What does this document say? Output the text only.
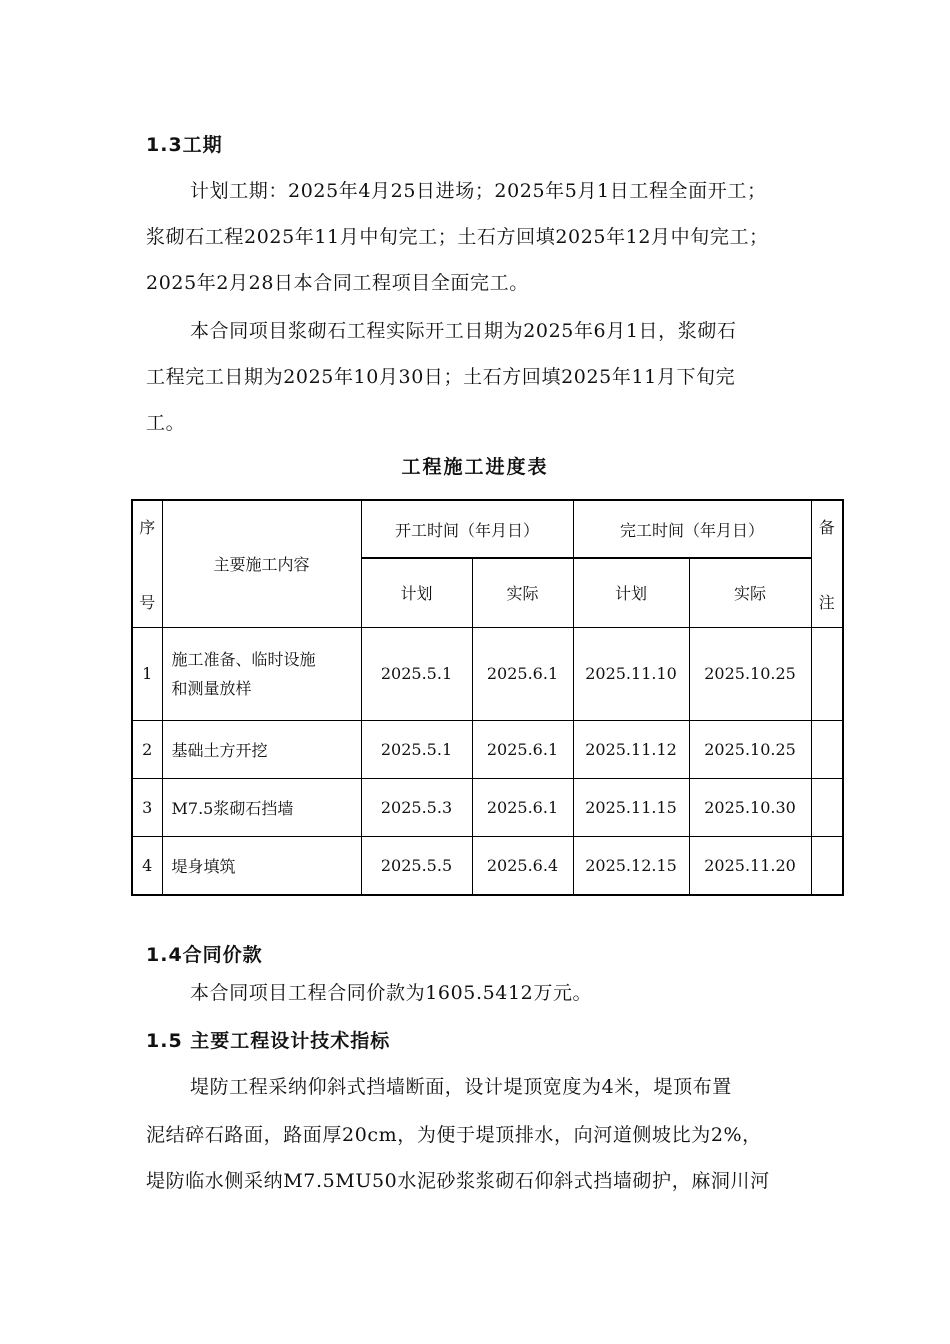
1.3工期
计划工期：2025年4月25日进场；2025年5月1日工程全面开工；
浆砌石工程2025年11月中旬完工；土石方回填2025年12月中旬完工；
2025年2月28日本合同工程项目全面完工。
本合同项目浆砌石工程实际开工日期为2025年6月1日，浆砌石
工程完工日期为2025年10月30日；土石方回填2025年11月下旬完
工。
工程施工进度表
序
号	主要施工内容	开工时间（年月日）		完工时间（年月日）		备
注

		计划	实际	计划	实际	
1	施工准备、临时设施
和测量放样	2025.5.1	2025.6.1	2025.11.10	2025.10.25	
2	基础土方开挖	2025.5.1	2025.6.1	2025.11.12	2025.10.25	
3	M7.5浆砌石挡墙	2025.5.3	2025.6.1	2025.11.15	2025.10.30	
4	堤身填筑	2025.5.5	2025.6.4	2025.12.15	2025.11.20	
1.4合同价款
本合同项目工程合同价款为1605.5412万元。
1.5 主要工程设计技术指标
堤防工程采纳仰斜式挡墙断面，设计堤顶宽度为4米，堤顶布置
泥结碎石路面，路面厚20cm，为便于堤顶排水，向河道侧坡比为2%，
堤防临水侧采纳M7.5MU50水泥砂浆浆砌石仰斜式挡墙砌护，麻洞川河
